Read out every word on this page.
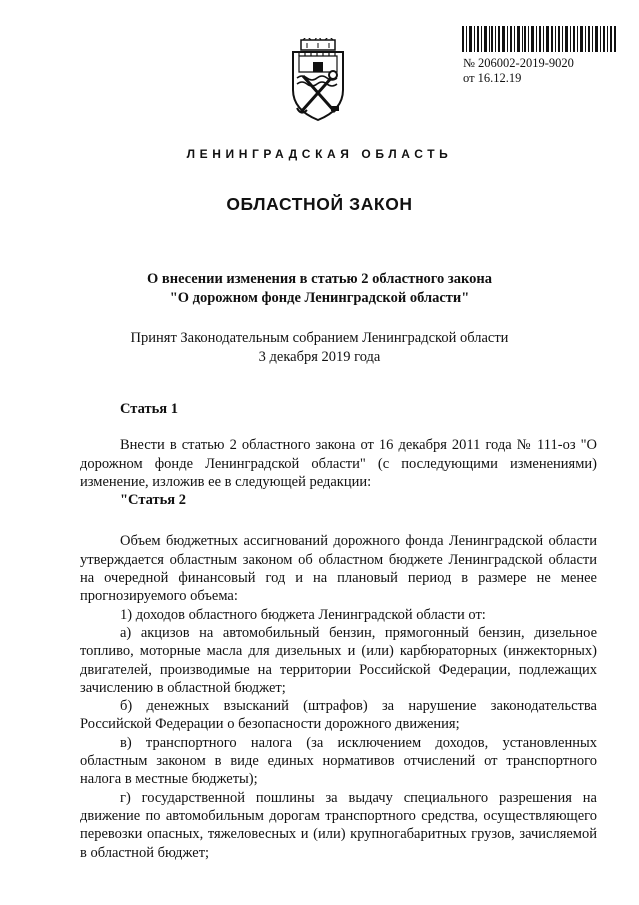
№ 206002-2019-9020
от 16.12.19
ЛЕНИНГРАДСКАЯ ОБЛАСТЬ
ОБЛАСТНОЙ ЗАКОН
О внесении изменения в статью 2 областного закона
"О дорожном фонде Ленинградской области"
Принят Законодательным собранием Ленинградской области
3 декабря 2019 года

Статья 1

Внести в статью 2 областного закона от 16 декабря 2011 года № 111-оз "О дорожном фонде Ленинградской области" (с последующими изменениями) изменение, изложив ее в следующей редакции:

"Статья 2

Объем бюджетных ассигнований дорожного фонда Ленинградской области утверждается областным законом об областном бюджете Ленинградской области на очередной финансовый год и на плановый период в размере не менее прогнозируемого объема:

1) доходов областного бюджета Ленинградской области от:

а) акцизов на автомобильный бензин, прямогонный бензин, дизельное топливо, моторные масла для дизельных и (или) карбюраторных (инжекторных) двигателей, производимые на территории Российской Федерации, подлежащих зачислению в областной бюджет;

б) денежных взысканий (штрафов) за нарушение законодательства Российской Федерации о безопасности дорожного движения;

в) транспортного налога (за исключением доходов, установленных областным законом в виде единых нормативов отчислений от транспортного налога в местные бюджеты);

г) государственной пошлины за выдачу специального разрешения на движение по автомобильным дорогам транспортного средства, осуществляющего перевозки опасных, тяжеловесных и (или) крупногабаритных грузов, зачисляемой в областной бюджет;
